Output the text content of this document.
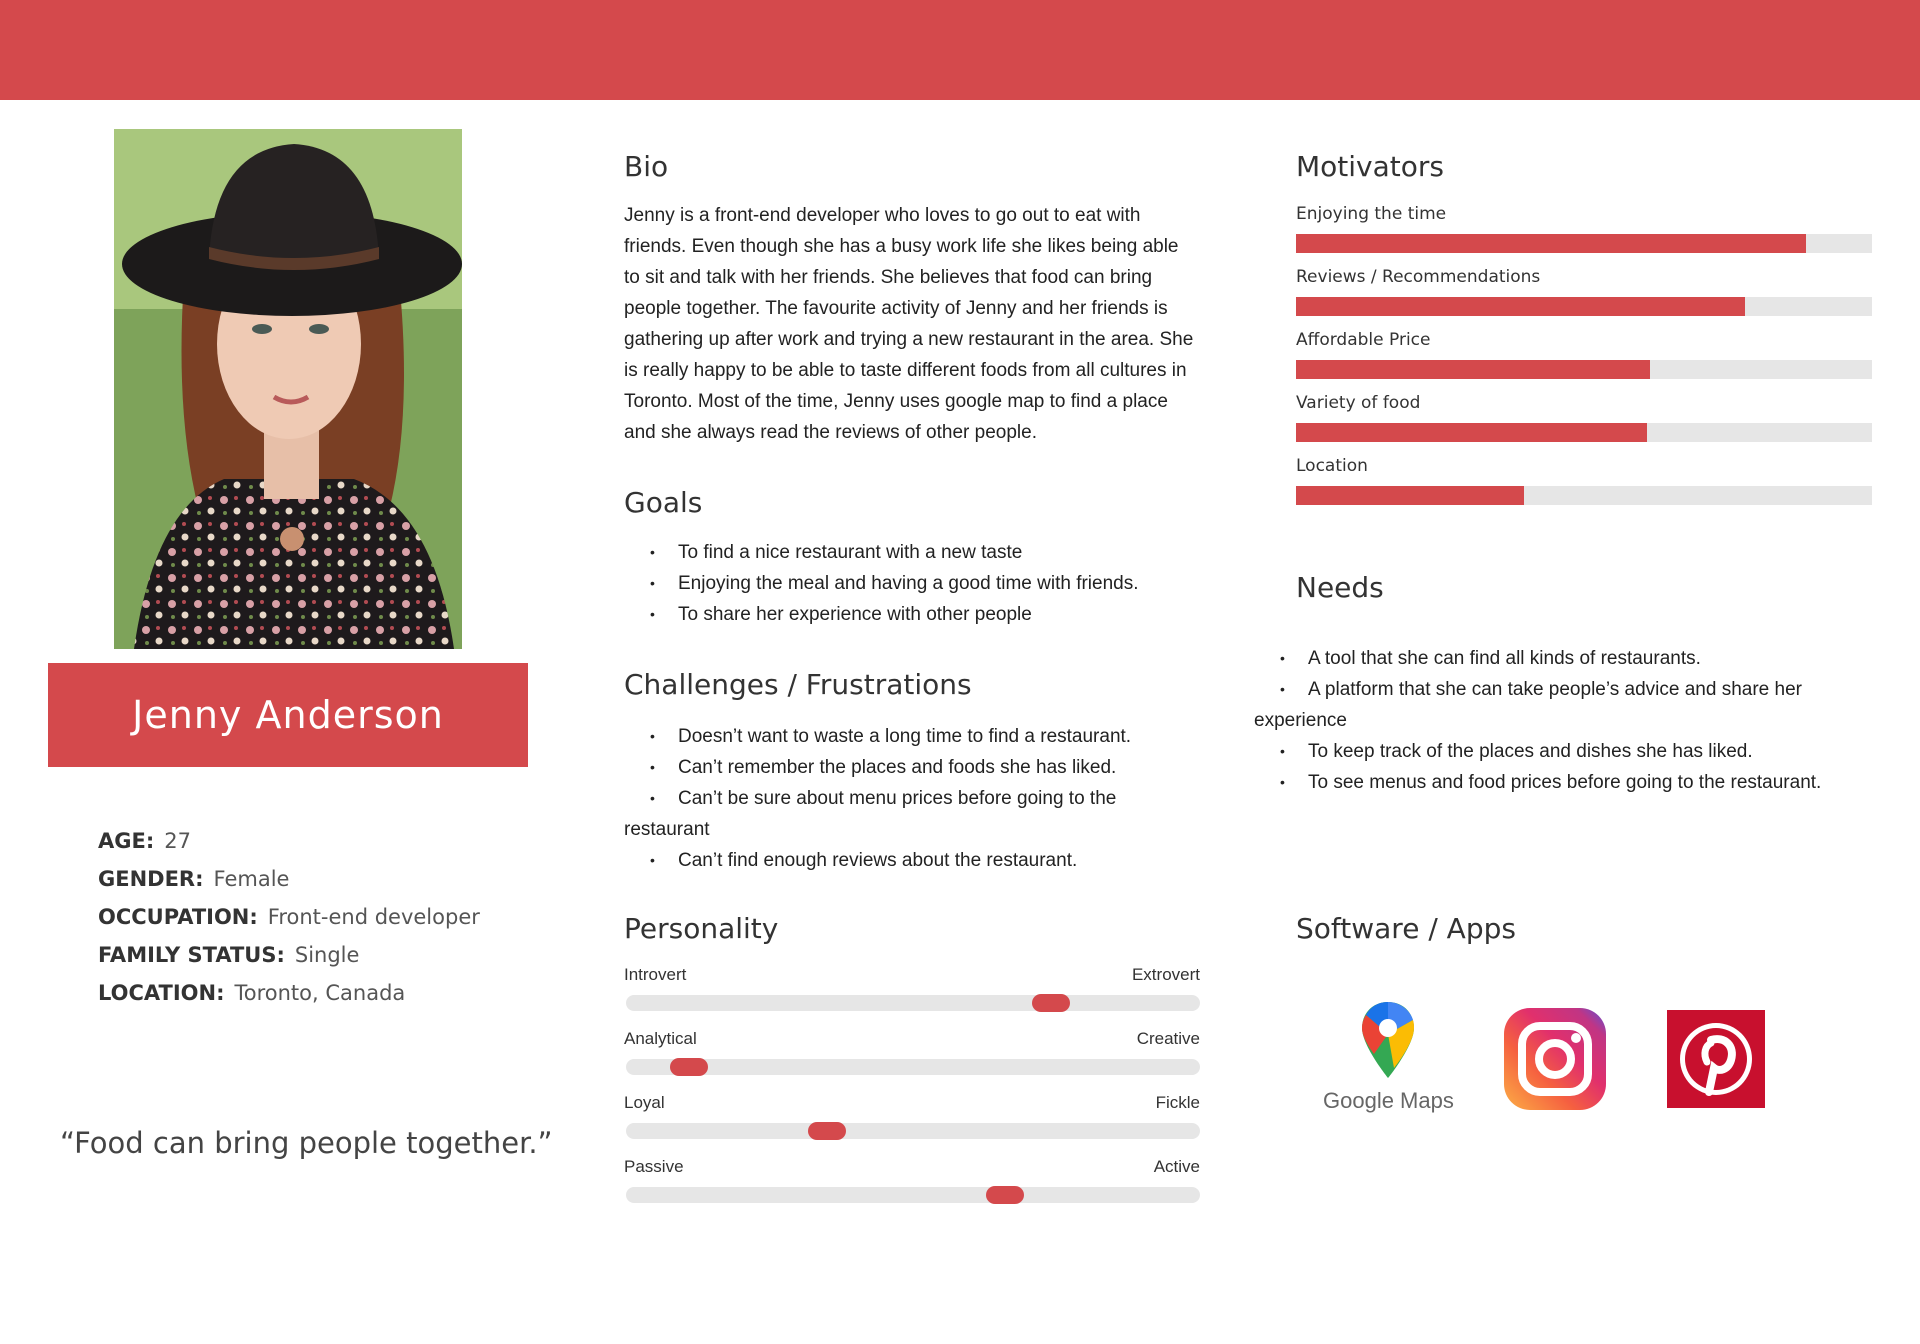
Jenny Anderson
AGE: 27
GENDER: Female
OCCUPATION: Front-end developer
FAMILY STATUS: Single
LOCATION: Toronto, Canada
“Food can bring people together.”
Bio
Jenny is a front-end developer who loves to go out to eat with
friends. Even though she has a busy work life she likes being able
to sit and talk with her friends. She believes that food can bring
people together. The favourite activity of Jenny and her friends is
gathering up after work and trying a new restaurant in the area. She
is really happy to be able to taste different foods from all cultures in
Toronto. Most of the time, Jenny uses google map to find a place
and she always read the reviews of other people.
Goals
• To find a nice restaurant with a new taste
• Enjoying the meal and having a good time with friends.
• To share her experience with other people
Challenges / Frustrations
• Doesn’t want to waste a long time to find a restaurant.
• Can’t remember the places and foods she has liked.
• Can’t be sure about menu prices before going to the restaurant
• Can’t find enough reviews about the restaurant.
Personality
Introvert	Extrovert
Analytical	Creative
Loyal	Fickle
Passive	Active
Motivators
Enjoying the time
Reviews / Recommendations
Affordable Price
Variety of food
Location
Needs
• A tool that she can find all kinds of restaurants.
• A platform that she can take people’s advice and share her experience
• To keep track of the places and dishes she has liked.
• To see menus and food prices before going to the restaurant.
Software / Apps
Google Maps
